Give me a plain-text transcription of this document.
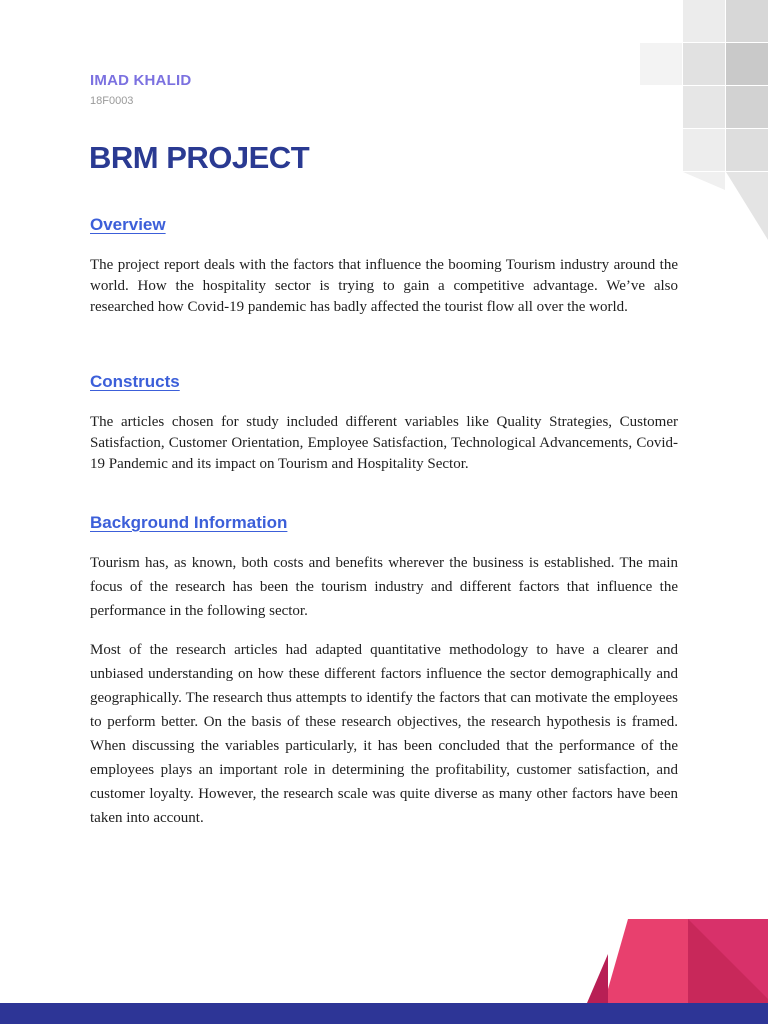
IMAD KHALID
18F0003
BRM PROJECT
Overview

The project report deals with the factors that influence the booming Tourism industry around the world. How the hospitality sector is trying to gain a competitive advantage. We’ve also researched how Covid-19 pandemic has badly affected the tourist flow all over the world.

Constructs

The articles chosen for study included different variables like Quality Strategies, Customer Satisfaction, Customer Orientation, Employee Satisfaction, Technological Advancements, Covid-19 Pandemic and its impact on Tourism and Hospitality Sector.

Background Information

Tourism has, as known, both costs and benefits wherever the business is established. The main focus of the research has been the tourism industry and different factors that influence the performance in the following sector.

Most of the research articles had adapted quantitative methodology to have a clearer and unbiased understanding on how these different factors influence the sector demographically and geographically. The research thus attempts to identify the factors that can motivate the employees to perform better. On the basis of these research objectives, the research hypothesis is framed. When discussing the variables particularly, it has been concluded that the performance of the employees plays an important role in determining the profitability, customer satisfaction, and customer loyalty. However, the research scale was quite diverse as many other factors have been taken into account.
